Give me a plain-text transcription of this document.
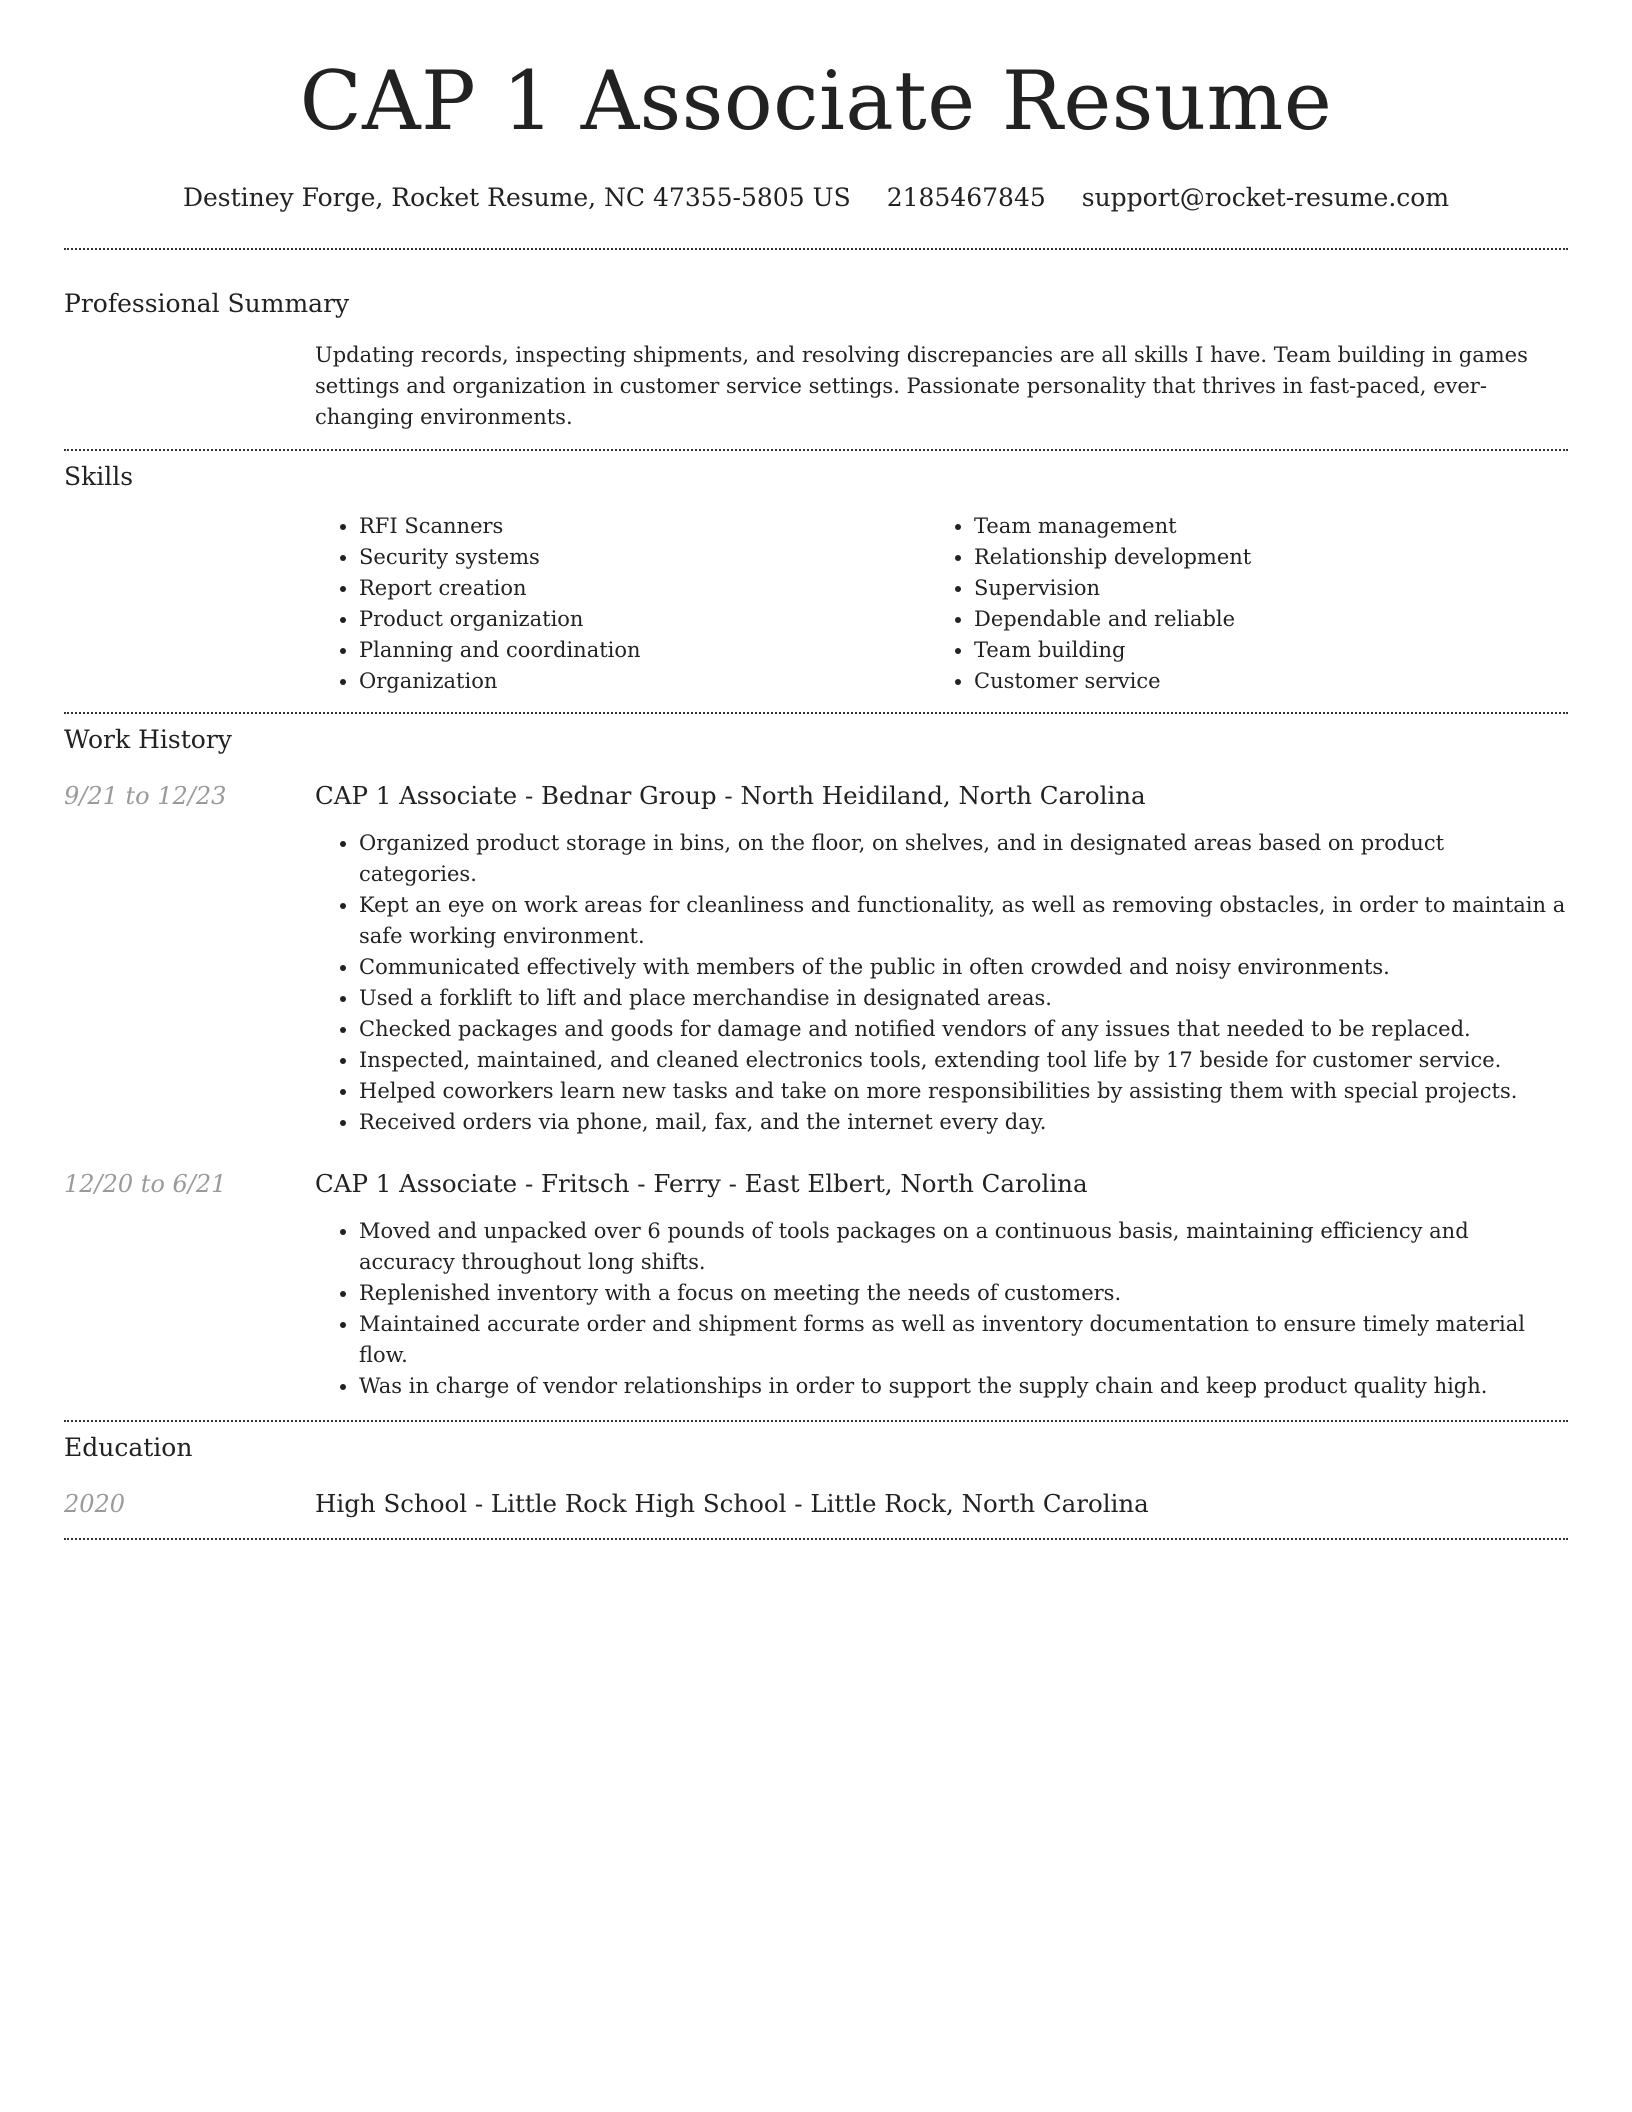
CAP 1 Associate Resume
Destiney Forge, Rocket Resume, NC 47355-5805 US 2185467845 support@rocket-resume.com
Professional Summary
Updating records, inspecting shipments, and resolving discrepancies are all skills I have. Team building in games settings and organization in customer service settings. Passionate personality that thrives in fast-paced, ever-changing environments.
Skills
• RFI Scanners
• Security systems
• Report creation
• Product organization
• Planning and coordination
• Organization
• Team management
• Relationship development
• Supervision
• Dependable and reliable
• Team building
• Customer service
Work History
9/21 to 12/23	CAP 1 Associate - Bednar Group - North Heidiland, North Carolina
• Organized product storage in bins, on the floor, on shelves, and in designated areas based on product categories.
• Kept an eye on work areas for cleanliness and functionality, as well as removing obstacles, in order to maintain a safe working environment.
• Communicated effectively with members of the public in often crowded and noisy environments.
• Used a forklift to lift and place merchandise in designated areas.
• Checked packages and goods for damage and notified vendors of any issues that needed to be replaced.
• Inspected, maintained, and cleaned electronics tools, extending tool life by 17 beside for customer service.
• Helped coworkers learn new tasks and take on more responsibilities by assisting them with special projects.
• Received orders via phone, mail, fax, and the internet every day.
12/20 to 6/21	CAP 1 Associate - Fritsch - Ferry - East Elbert, North Carolina
• Moved and unpacked over 6 pounds of tools packages on a continuous basis, maintaining efficiency and accuracy throughout long shifts.
• Replenished inventory with a focus on meeting the needs of customers.
• Maintained accurate order and shipment forms as well as inventory documentation to ensure timely material flow.
• Was in charge of vendor relationships in order to support the supply chain and keep product quality high.
Education
2020	High School - Little Rock High School - Little Rock, North Carolina
